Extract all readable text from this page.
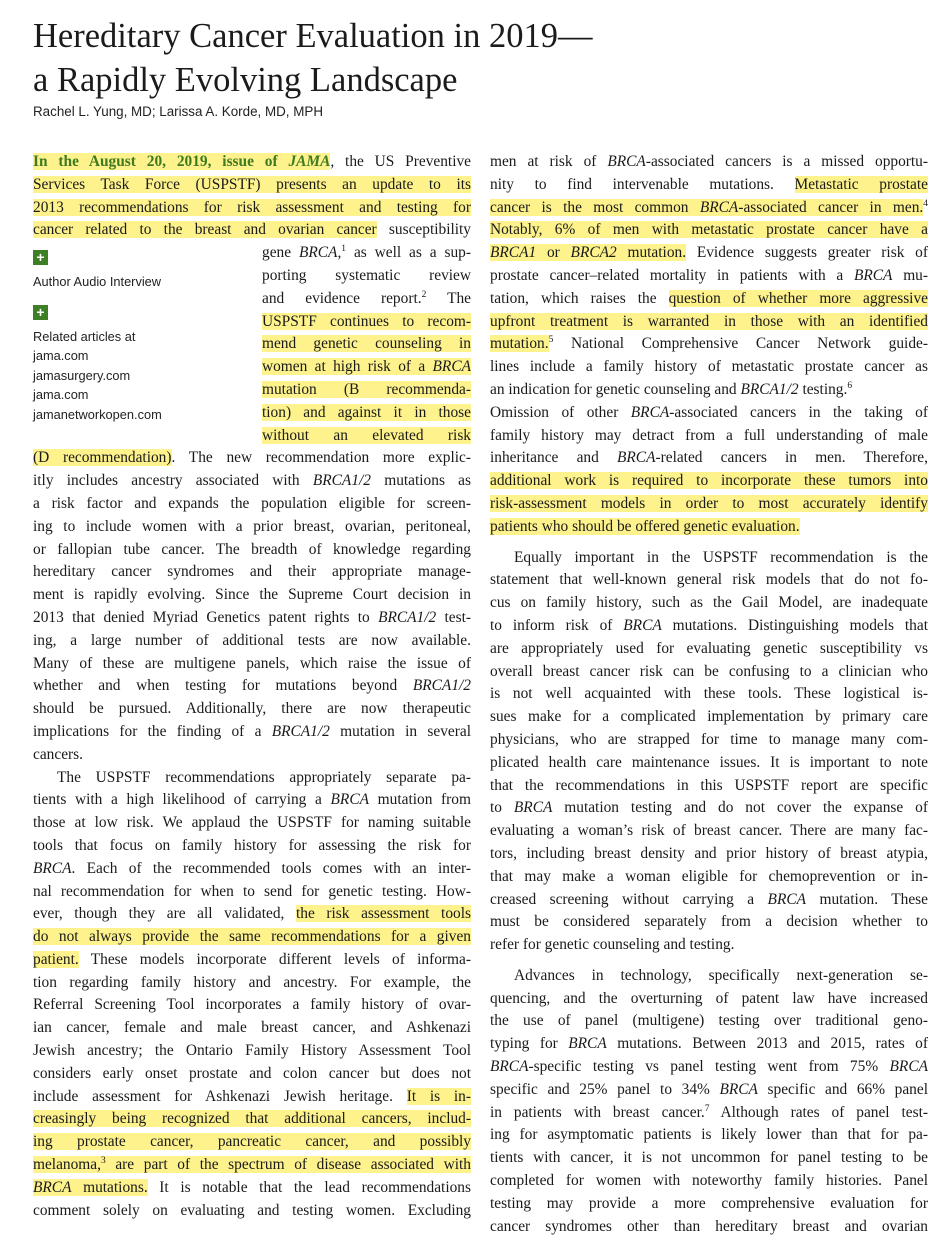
Hereditary Cancer Evaluation in 2019—
a Rapidly Evolving Landscape
Rachel L. Yung, MD; Larissa A. Korde, MD, MPH
+
Author Audio Interview
+
Related articles at
jama.com
jamasurgery.com
jama.com
jamanetworkopen.com
In the August 20, 2019, issue of JAMA, the US Preventive
Services Task Force (USPSTF) presents an update to its
2013 recommendations for risk assessment and testing for
cancer related to the breast and ovarian cancer susceptibility
gene BRCA,$^1$ as well as a sup-
porting systematic review
and evidence report.$^2$ The
USPSTF continues to recom-
mend genetic counseling in
women at high risk of a BRCA
mutation (B recommenda-
tion) and against it in those
without an elevated risk
(D recommendation). The new recommendation more explic-
itly includes ancestry associated with BRCA1/2 mutations as
a risk factor and expands the population eligible for screen-
ing to include women with a prior breast, ovarian, peritoneal,
or fallopian tube cancer. The breadth of knowledge regarding
hereditary cancer syndromes and their appropriate manage-
ment is rapidly evolving. Since the Supreme Court decision in
2013 that denied Myriad Genetics patent rights to BRCA1/2 test-
ing, a large number of additional tests are now available.
Many of these are multigene panels, which raise the issue of
whether and when testing for mutations beyond BRCA1/2
should be pursued. Additionally, there are now therapeutic
implications for the finding of a BRCA1/2 mutation in several
cancers.
The USPSTF recommendations appropriately separate pa-
tients with a high likelihood of carrying a BRCA mutation from
those at low risk. We applaud the USPSTF for naming suitable
tools that focus on family history for assessing the risk for
BRCA. Each of the recommended tools comes with an inter-
nal recommendation for when to send for genetic testing. How-
ever, though they are all validated, the risk assessment tools
do not always provide the same recommendations for a given
patient. These models incorporate different levels of informa-
tion regarding family history and ancestry. For example, the
Referral Screening Tool incorporates a family history of ovar-
ian cancer, female and male breast cancer, and Ashkenazi
Jewish ancestry; the Ontario Family History Assessment Tool
considers early onset prostate and colon cancer but does not
include assessment for Ashkenazi Jewish heritage. It is in-
creasingly being recognized that additional cancers, includ-
ing prostate cancer, pancreatic cancer, and possibly
melanoma,$^3$ are part of the spectrum of disease associated with
BRCA mutations. It is notable that the lead recommendations
comment solely on evaluating and testing women. Excluding
men at risk of BRCA-associated cancers is a missed opportu-
nity to find intervenable mutations. Metastatic prostate
cancer is the most common BRCA-associated cancer in men.$^4$
Notably, 6% of men with metastatic prostate cancer have a
BRCA1 or BRCA2 mutation. Evidence suggests greater risk of
prostate cancer–related mortality in patients with a BRCA mu-
tation, which raises the question of whether more aggressive
upfront treatment is warranted in those with an identified
mutation.$^5$ National Comprehensive Cancer Network guide-
lines include a family history of metastatic prostate cancer as
an indication for genetic counseling and BRCA1/2 testing.$^6$
Omission of other BRCA-associated cancers in the taking of
family history may detract from a full understanding of male
inheritance and BRCA-related cancers in men. Therefore,
additional work is required to incorporate these tumors into
risk-assessment models in order to most accurately identify
patients who should be offered genetic evaluation.
Equally important in the USPSTF recommendation is the
statement that well-known general risk models that do not fo-
cus on family history, such as the Gail Model, are inadequate
to inform risk of BRCA mutations. Distinguishing models that
are appropriately used for evaluating genetic susceptibility vs
overall breast cancer risk can be confusing to a clinician who
is not well acquainted with these tools. These logistical is-
sues make for a complicated implementation by primary care
physicians, who are strapped for time to manage many com-
plicated health care maintenance issues. It is important to note
that the recommendations in this USPSTF report are specific
to BRCA mutation testing and do not cover the expanse of
evaluating a woman’s risk of breast cancer. There are many fac-
tors, including breast density and prior history of breast atypia,
that may make a woman eligible for chemoprevention or in-
creased screening without carrying a BRCA mutation. These
must be considered separately from a decision whether to
refer for genetic counseling and testing.
Advances in technology, specifically next-generation se-
quencing, and the overturning of patent law have increased
the use of panel (multigene) testing over traditional geno-
typing for BRCA mutations. Between 2013 and 2015, rates of
BRCA-specific testing vs panel testing went from 75% BRCA
specific and 25% panel to 34% BRCA specific and 66% panel
in patients with breast cancer.$^7$ Although rates of panel test-
ing for asymptomatic patients is likely lower than that for pa-
tients with cancer, it is not uncommon for panel testing to be
completed for women with noteworthy family histories. Panel
testing may provide a more comprehensive evaluation for
cancer syndromes other than hereditary breast and ovarian
